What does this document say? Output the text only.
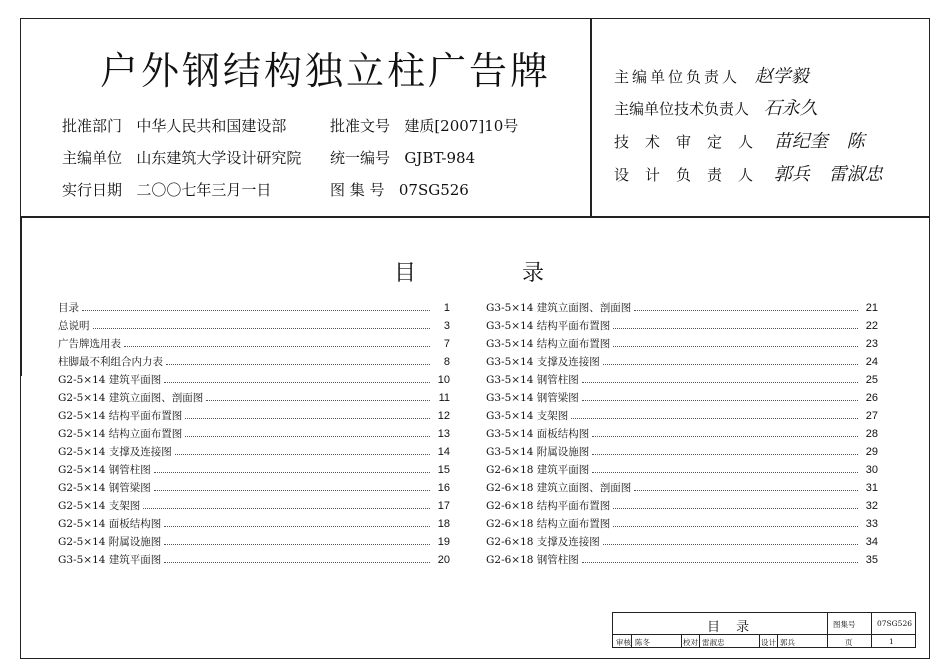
户外钢结构独立柱广告牌
批准部门 中华人民共和国建设部
主编单位 山东建筑大学设计研究院
实行日期 二〇〇七年三月一日
批准文号 建质[2007]10号
统一编号 GJBT-984
图 集 号 07SG526
主编单位负责人 赵学毅
主编单位技术负责人 石永久
技术审定人 苗纪奎 陈
设计负责人 郭兵 雷淑忠
目	录
目录	1
总说明	3
广告牌选用表	7
柱脚最不利组合内力表	8
G2-5×14 建筑平面图	10
G2-5×14 建筑立面图、剖面图	11
G2-5×14 结构平面布置图	12
G2-5×14 结构立面布置图	13
G2-5×14 支撑及连接图	14
G2-5×14 钢管柱图	15
G2-5×14 钢管梁图	16
G2-5×14 支架图	17
G2-5×14 面板结构图	18
G2-5×14 附属设施图	19
G3-5×14 建筑平面图	20
G3-5×14 建筑立面图、剖面图	21
G3-5×14 结构平面布置图	22
G3-5×14 结构立面布置图	23
G3-5×14 支撑及连接图	24
G3-5×14 钢管柱图	25
G3-5×14 钢管梁图	26
G3-5×14 支架图	27
G3-5×14 面板结构图	28
G3-5×14 附属设施图	29
G2-6×18 建筑平面图	30
G2-6×18 建筑立面图、剖面图	31
G2-6×18 结构平面布置图	32
G2-6×18 结构立面布置图	33
G2-6×18 支撑及连接图	34
G2-6×18 钢管柱图	35
目 录	图集号	07SG526
审核 陈冬	校对 雷淑忠	设计 郭兵	页	1
